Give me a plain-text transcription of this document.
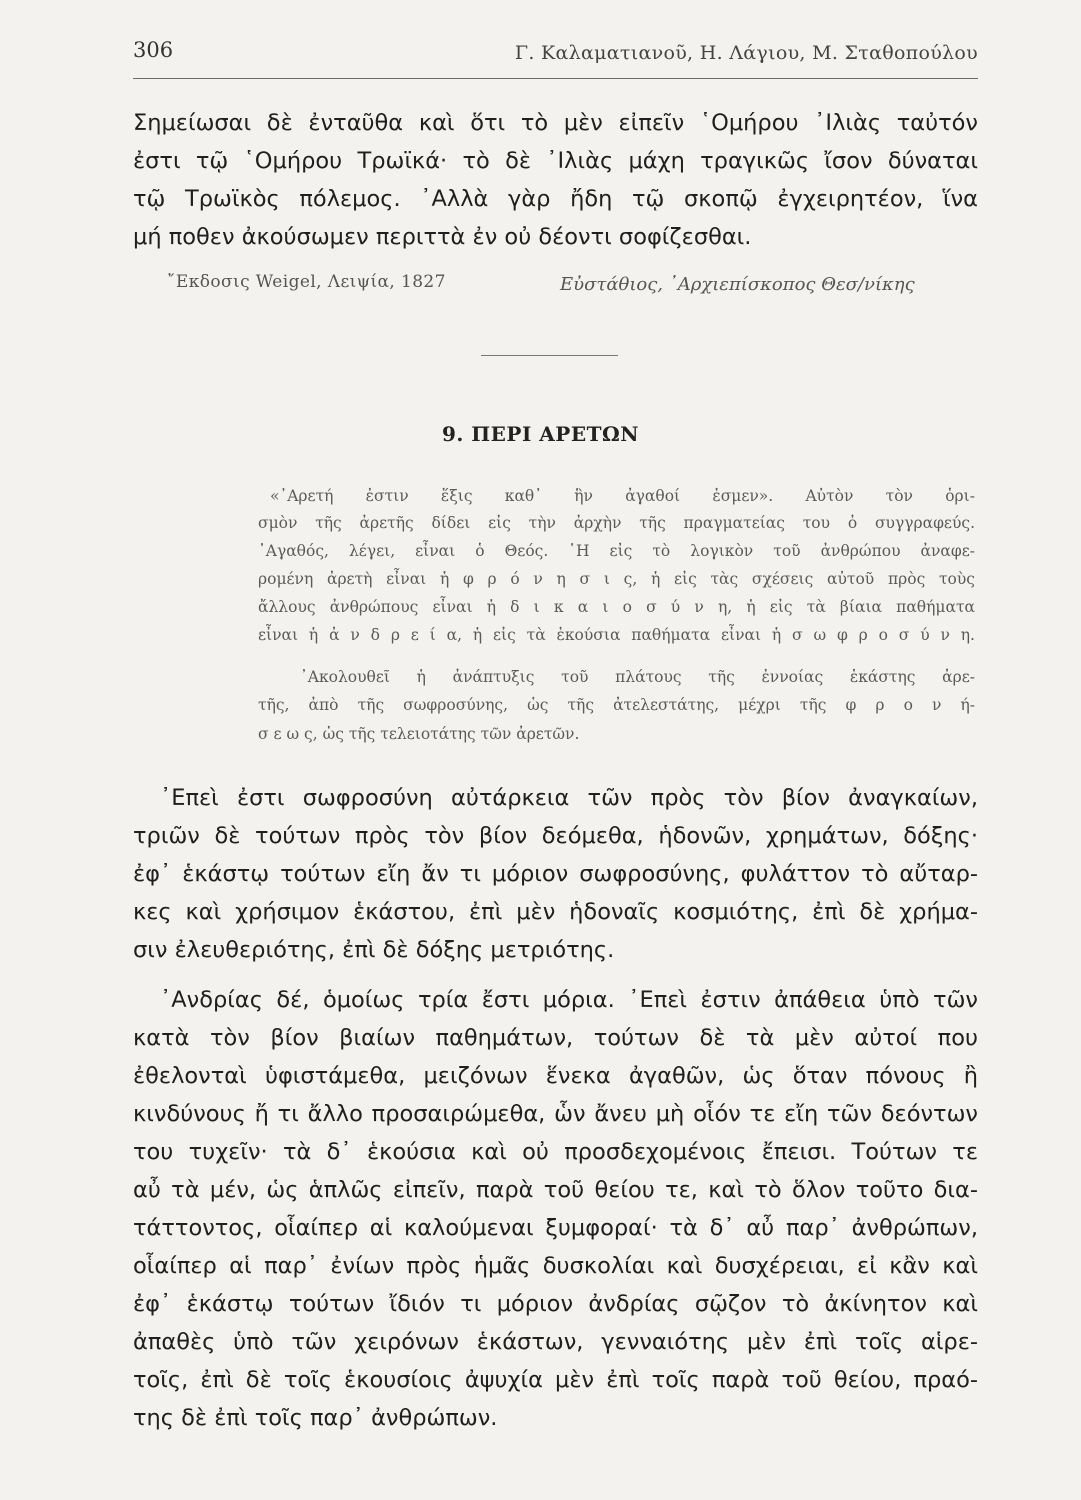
306	Γ. Καλαματιανοῦ, Η. Λάγιου, Μ. Σταθοπούλου
Σημείωσαι δὲ ἐνταῦθα καὶ ὅτι τὸ μὲν εἰπεῖν ῾Ομήρου ᾿Ιλιὰς ταὐτόν
ἐστι τῷ ῾Ομήρου Τρωϊκά· τὸ δὲ ᾿Ιλιὰς μάχη τραγικῶς ἴσον δύναται
τῷ Τρωϊκὸς πόλεμος. ᾿Αλλὰ γὰρ ἤδη τῷ σκοπῷ ἐγχειρητέον, ἵνα
μή ποθεν ἀκούσωμεν περιττὰ ἐν οὐ δέοντι σοφίζεσθαι.
῎Εκδοσις Weigel, Λειψία, 1827	Εὐστάθιος, ᾿Αρχιεπίσκοπος Θεσ/νίκης
9. ΠΕΡΙ ΑΡΕΤΩΝ
«᾿Αρετή ἐστιν ἕξις καθ᾿ ἣν ἀγαθοί ἐσμεν». Αὐτὸν τὸν ὁρι-
σμὸν τῆς ἀρετῆς δίδει εἰς τὴν ἀρχὴν τῆς πραγματείας του ὁ συγγραφεύς.
᾿Αγαθός, λέγει, εἶναι ὁ Θεός. ῾Η εἰς τὸ λογικὸν τοῦ ἀνθρώπου ἀναφε-
ρομένη ἀρετὴ εἶναι ἡ φ ρ ό ν η σ ι ς, ἡ εἰς τὰς σχέσεις αὐτοῦ πρὸς τοὺς
ἄλλους ἀνθρώπους εἶναι ἡ δ ι κ α ι ο σ ύ ν η, ἡ εἰς τὰ βίαια παθήματα
εἶναι ἡ ἀ ν δ ρ ε ί α, ἡ εἰς τὰ ἑκούσια παθήματα εἶναι ἡ σ ω φ ρ ο σ ύ ν η.
᾿Ακολουθεῖ ἡ ἀνάπτυξις τοῦ πλάτους τῆς ἐννοίας ἑκάστης ἀρε-
τῆς, ἀπὸ τῆς σωφροσύνης, ὡς τῆς ἀτελεστάτης, μέχρι τῆς φ ρ ο ν ή-
σ ε ω ς, ὡς τῆς τελειοτάτης τῶν ἀρετῶν.
᾿Επεὶ ἐστι σωφροσύνη αὐτάρκεια τῶν πρὸς τὸν βίον ἀναγκαίων,
τριῶν δὲ τούτων πρὸς τὸν βίον δεόμεθα, ἡδονῶν, χρημάτων, δόξης·
ἐφ᾿ ἑκάστῳ τούτων εἴη ἄν τι μόριον σωφροσύνης, φυλάττον τὸ αὔταρ-
κες καὶ χρήσιμον ἑκάστου, ἐπὶ μὲν ἡδοναῖς κοσμιότης, ἐπὶ δὲ χρήμα-
σιν ἐλευθεριότης, ἐπὶ δὲ δόξης μετριότης.
᾿Ανδρίας δέ, ὁμοίως τρία ἔστι μόρια. ᾿Επεὶ ἐστιν ἀπάθεια ὑπὸ τῶν
κατὰ τὸν βίον βιαίων παθημάτων, τούτων δὲ τὰ μὲν αὐτοί που
ἐθελονταὶ ὑφιστάμεθα, μειζόνων ἕνεκα ἀγαθῶν, ὡς ὅταν πόνους ἢ
κινδύνους ἤ τι ἄλλο προσαιρώμεθα, ὧν ἄνευ μὴ οἷόν τε εἴη τῶν δεόντων
του τυχεῖν· τὰ δ᾿ ἑκούσια καὶ οὐ προσδεχομένοις ἔπεισι. Τούτων τε
αὖ τὰ μέν, ὡς ἁπλῶς εἰπεῖν, παρὰ τοῦ θείου τε, καὶ τὸ ὅλον τοῦτο δια-
τάττοντος, οἷαίπερ αἱ καλούμεναι ξυμφοραί· τὰ δ᾿ αὖ παρ᾿ ἀνθρώπων,
οἷαίπερ αἱ παρ᾿ ἐνίων πρὸς ἡμᾶς δυσκολίαι καὶ δυσχέρειαι, εἰ κἂν καὶ
ἐφ᾿ ἑκάστῳ τούτων ἴδιόν τι μόριον ἀνδρίας σῷζον τὸ ἀκίνητον καὶ
ἀπαθὲς ὑπὸ τῶν χειρόνων ἑκάστων, γενναιότης μὲν ἐπὶ τοῖς αἱρε-
τοῖς, ἐπὶ δὲ τοῖς ἑκουσίοις ἀψυχία μὲν ἐπὶ τοῖς παρὰ τοῦ θείου, πραό-
της δὲ ἐπὶ τοῖς παρ᾿ ἀνθρώπων.
